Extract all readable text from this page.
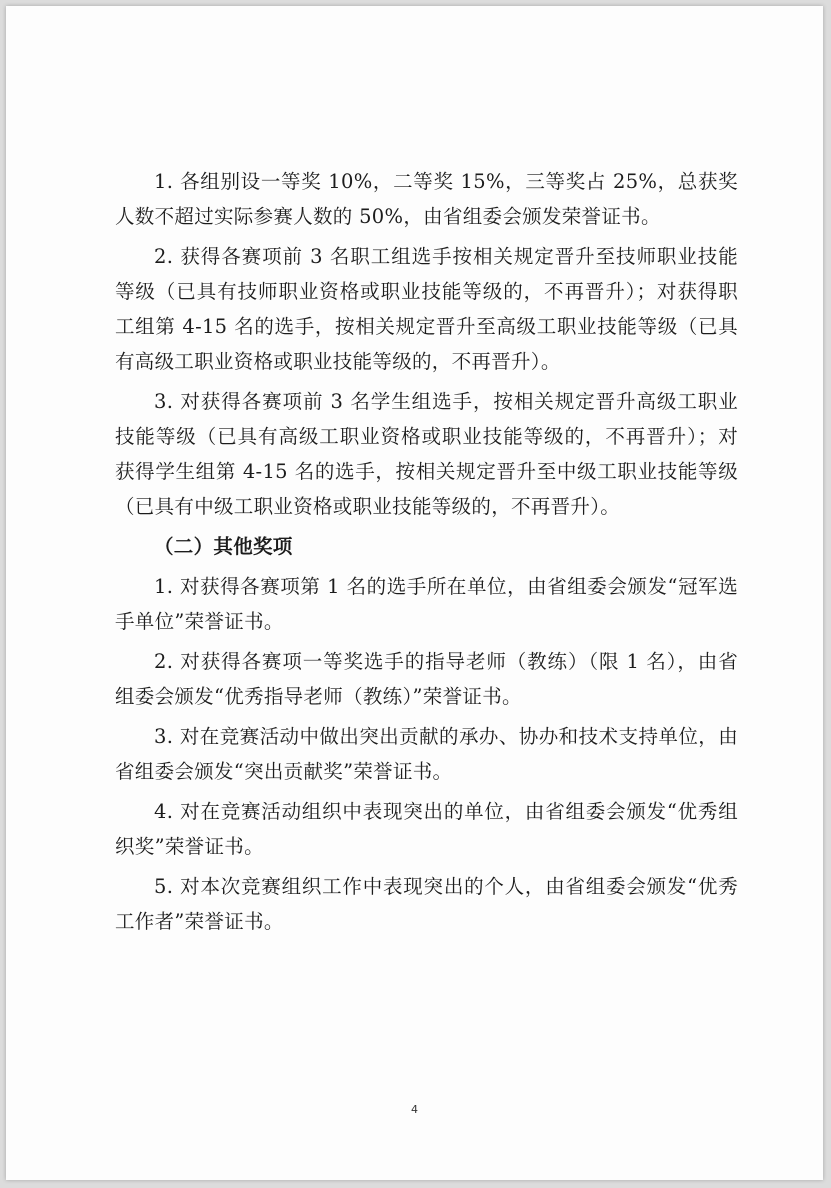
1. 各组别设一等奖 10%，二等奖 15%，三等奖占 25%，总获奖人数不超过实际参赛人数的 50%，由省组委会颁发荣誉证书。

2. 获得各赛项前 3 名职工组选手按相关规定晋升至技师职业技能等级（已具有技师职业资格或职业技能等级的，不再晋升）；对获得职工组第 4-15 名的选手，按相关规定晋升至高级工职业技能等级（已具有高级工职业资格或职业技能等级的，不再晋升）。

3. 对获得各赛项前 3 名学生组选手，按相关规定晋升高级工职业技能等级（已具有高级工职业资格或职业技能等级的，不再晋升）；对获得学生组第 4-15 名的选手，按相关规定晋升至中级工职业技能等级（已具有中级工职业资格或职业技能等级的，不再晋升）。

（二）其他奖项

1. 对获得各赛项第 1 名的选手所在单位，由省组委会颁发“冠军选手单位”荣誉证书。

2. 对获得各赛项一等奖选手的指导老师（教练）（限 1 名），由省组委会颁发“优秀指导老师（教练）”荣誉证书。

3. 对在竞赛活动中做出突出贡献的承办、协办和技术支持单位，由省组委会颁发“突出贡献奖”荣誉证书。

4. 对在竞赛活动组织中表现突出的单位，由省组委会颁发“优秀组织奖”荣誉证书。

5. 对本次竞赛组织工作中表现突出的个人，由省组委会颁发“优秀工作者”荣誉证书。

4
